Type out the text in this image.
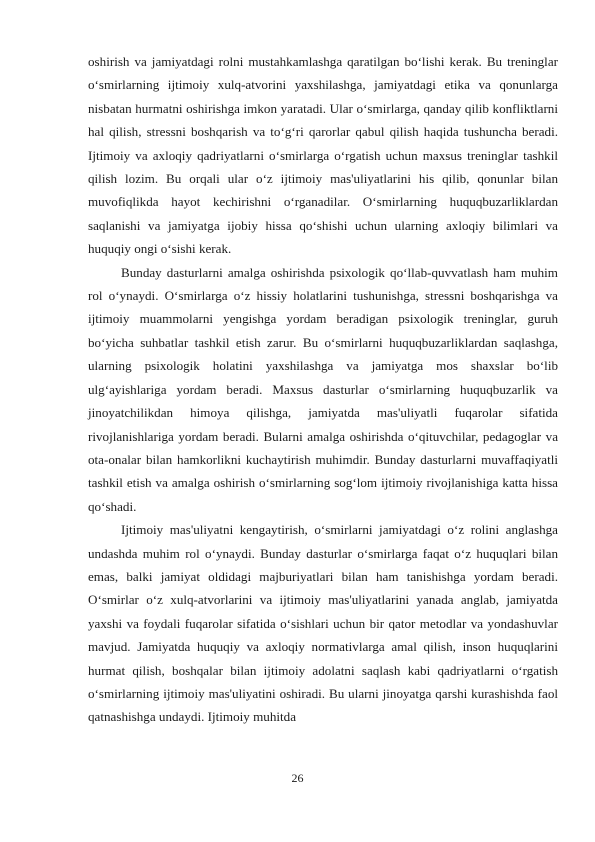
oshirish va jamiyatdagi rolni mustahkamlashga qaratilgan bo‘lishi kerak. Bu treninglar o‘smirlarning ijtimoiy xulq-atvorini yaxshilashga, jamiyatdagi etika va qonunlarga nisbatan hurmatni oshirishga imkon yaratadi. Ular o‘smirlarga, qanday qilib konfliktlarni hal qilish, stressni boshqarish va to‘g‘ri qarorlar qabul qilish haqida tushuncha beradi. Ijtimoiy va axloqiy qadriyatlarni o‘smirlarga o‘rgatish uchun maxsus treninglar tashkil qilish lozim. Bu orqali ular o‘z ijtimoiy mas'uliyatlarini his qilib, qonunlar bilan muvofiqlikda hayot kechirishni o‘rganadilar. O‘smirlarning huquqbuzarliklardan saqlanishi va jamiyatga ijobiy hissa qo‘shishi uchun ularning axloqiy bilimlari va huquqiy ongi o‘sishi kerak.

Bunday dasturlarni amalga oshirishda psixologik qo‘llab-quvvatlash ham muhim rol o‘ynaydi. O‘smirlarga o‘z hissiy holatlarini tushunishga, stressni boshqarishga va ijtimoiy muammolarni yengishga yordam beradigan psixologik treninglar, guruh bo‘yicha suhbatlar tashkil etish zarur. Bu o‘smirlarni huquqbuzarliklardan saqlashga, ularning psixologik holatini yaxshilashga va jamiyatga mos shaxslar bo‘lib ulg‘ayishlariga yordam beradi. Maxsus dasturlar o‘smirlarning huquqbuzarlik va jinoyatchilikdan himoya qilishga, jamiyatda mas'uliyatli fuqarolar sifatida rivojlanishlariga yordam beradi. Bularni amalga oshirishda o‘qituvchilar, pedagoglar va ota-onalar bilan hamkorlikni kuchaytirish muhimdir. Bunday dasturlarni muvaffaqiyatli tashkil etish va amalga oshirish o‘smirlarning sog‘lom ijtimoiy rivojlanishiga katta hissa qo‘shadi.

Ijtimoiy mas'uliyatni kengaytirish, o‘smirlarni jamiyatdagi o‘z rolini anglashga undashda muhim rol o‘ynaydi. Bunday dasturlar o‘smirlarga faqat o‘z huquqlari bilan emas, balki jamiyat oldidagi majburiyatlari bilan ham tanishishga yordam beradi. O‘smirlar o‘z xulq-atvorlarini va ijtimoiy mas'uliyatlarini yanada anglab, jamiyatda yaxshi va foydali fuqarolar sifatida o‘sishlari uchun bir qator metodlar va yondashuvlar mavjud. Jamiyatda huquqiy va axloqiy normativlarga amal qilish, inson huquqlarini hurmat qilish, boshqalar bilan ijtimoiy adolatni saqlash kabi qadriyatlarni o‘rgatish o‘smirlarning ijtimoiy mas'uliyatini oshiradi. Bu ularni jinoyatga qarshi kurashishda faol qatnashishga undaydi. Ijtimoiy muhitda

26
